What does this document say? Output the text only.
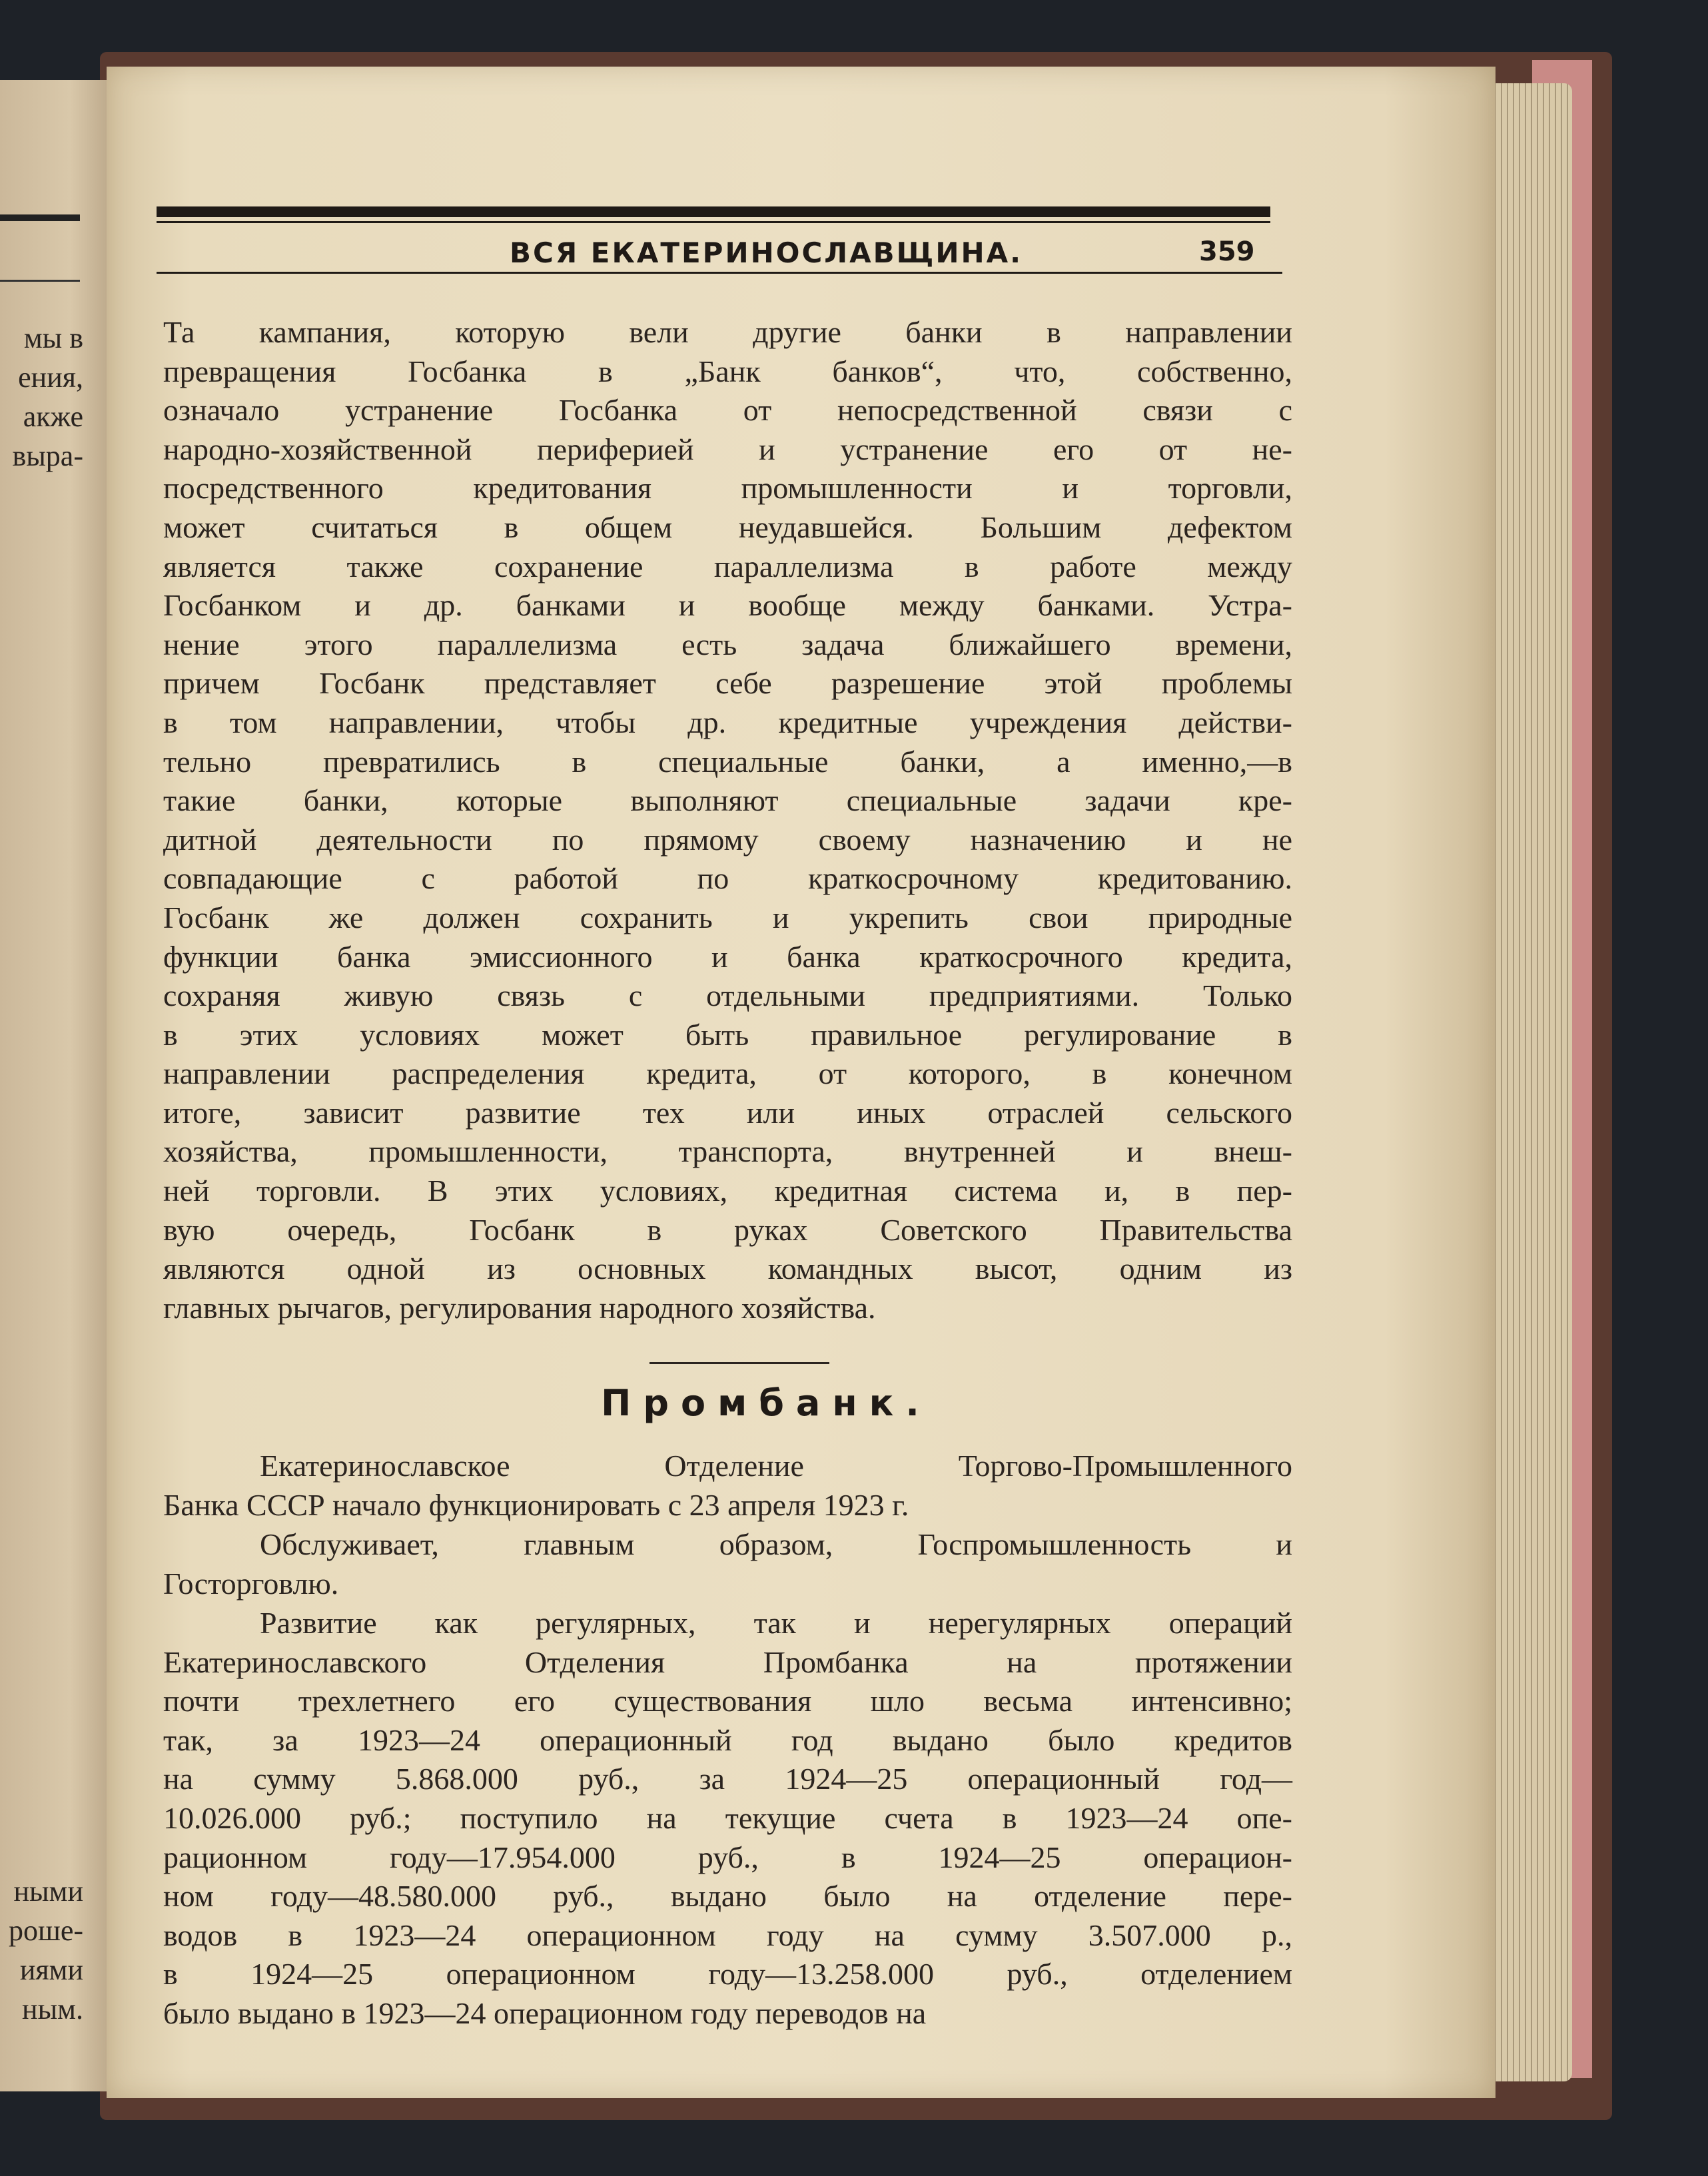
мы в
ения,
акже
выра-
ными
роше-
иями
ным.
ВСЯ ЕКАТЕРИНОСЛАВЩИНА.	359
Та кампания, которую вели другие банки в направлении
превращения Госбанка в „Банк банков“, что, собственно,
означало устранение Госбанка от непосредственной связи с
народно-хозяйственной периферией и устранение его от не-
посредственного кредитования промышленности и торговли,
может считаться в общем неудавшейся. Большим дефектом
является также сохранение параллелизма в работе между
Госбанком и др. банками и вообще между банками. Устра-
нение этого параллелизма есть задача ближайшего времени,
причем Госбанк представляет себе разрешение этой проблемы
в том направлении, чтобы др. кредитные учреждения действи-
тельно превратились в специальные банки, а именно,—в
такие банки, которые выполняют специальные задачи кре-
дитной деятельности по прямому своему назначению и не
совпадающие с работой по краткосрочному кредитованию.
Госбанк же должен сохранить и укрепить свои природные
функции банка эмиссионного и банка краткосрочного кредита,
сохраняя живую связь с отдельными предприятиями. Только
в этих условиях может быть правильное регулирование в
направлении распределения кредита, от которого, в конечном
итоге, зависит развитие тех или иных отраслей сельского
хозяйства, промышленности, транспорта, внутренней и внеш-
ней торговли. В этих условиях, кредитная система и, в пер-
вую очередь, Госбанк в руках Советского Правительства
являются одной из основных командных высот, одним из
главных рычагов, регулирования народного хозяйства.
Промбанк.
Екатеринославское Отделение Торгово-Промышленного
Банка СССР начало функционировать с 23 апреля 1923 г.
Обслуживает, главным образом, Госпромышленность и
Госторговлю.
Развитие как регулярных, так и нерегулярных операций
Екатеринославского Отделения Промбанка на протяжении
почти трехлетнего его существования шло весьма интенсивно;
так, за 1923—24 операционный год выдано было кредитов
на сумму 5.868.000 руб., за 1924—25 операционный год—
10.026.000 руб.; поступило на текущие счета в 1923—24 опе-
рационном году—17.954.000 руб., в 1924—25 операцион-
ном году—48.580.000 руб., выдано было на отделение пере-
водов в 1923—24 операционном году на сумму 3.507.000 р.,
в 1924—25 операционном году—13.258.000 руб., отделением
было выдано в 1923—24 операционном году переводов на
